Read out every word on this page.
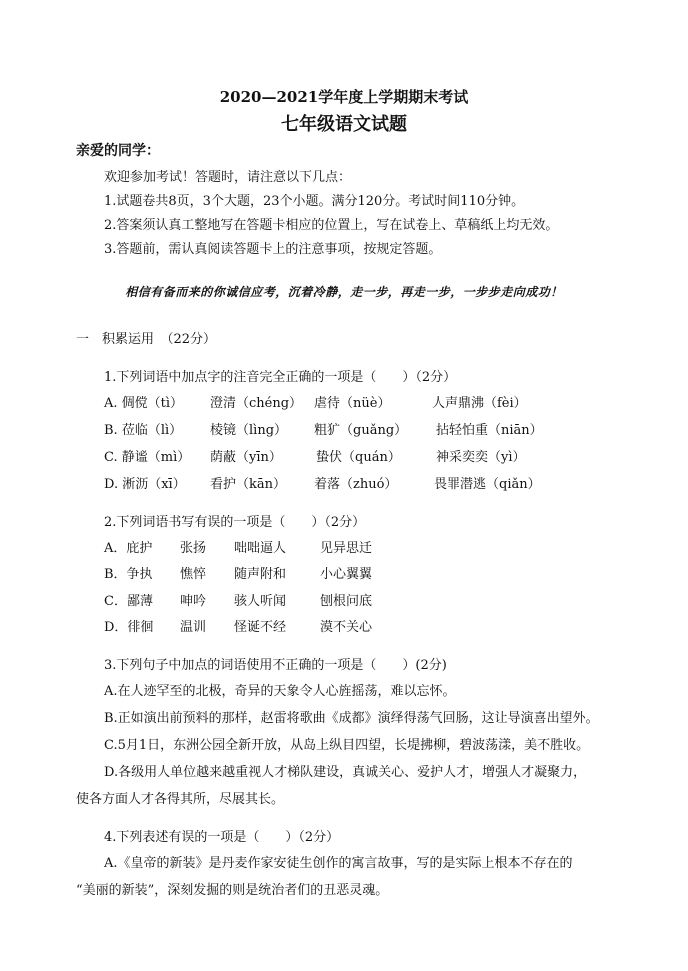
2020—2021学年度上学期期末考试
七年级语文试题
亲爱的同学：
欢迎参加考试！答题时，请注意以下几点：
1.试题卷共8页，3个大题，23个小题。满分120分。考试时间110分钟。
2.答案须认真工整地写在答题卡相应的位置上，写在试卷上、草稿纸上均无效。
3.答题前，需认真阅读答题卡上的注意事项，按规定答题。
相信有备而来的你诚信应考，沉着冷静，走一步，再走一步，一步步走向成功！
一　积累运用　（22分）
1.下列词语中加点字的注音完全正确的一项是（　　）（2分）
A. 倜傥（tì） 澄清（chéng） 虐待（nüè）	人声鼎沸（fèi）
B. 莅临（lì） 棱镜（lìng） 粗犷（guǎng） 拈轻怕重（niān）
C. 静谧（mì） 荫蔽（yīn）	蛰伏（quán）	神采奕奕（yì）
D. 淅沥（xī） 看护（kān） 着落（zhuó）	畏罪潜逃（qiǎn）
2.下列词语书写有误的一项是（　　）（2分）
A．庇护 张扬 咄咄逼人	见异思迁
B．争执 憔悴 随声附和	小心翼翼
C．鄙薄 呻吟 骇人听闻	刨根问底
D．徘徊 温训 怪诞不经	漠不关心
3.下列句子中加点的词语使用不正确的一项是（　　）(2分)
A.在人迹罕至的北极，奇异的天象令人心旌摇荡，难以忘怀。
B.正如演出前预料的那样，赵雷将歌曲《成都》演绎得荡气回肠，这让导演喜出望外。
C.5月1日，东洲公园全新开放，从岛上纵目四望，长堤拂柳，碧波荡漾，美不胜收。
D.各级用人单位越来越重视人才梯队建设，真诚关心、爱护人才，增强人才凝聚力，
使各方面人才各得其所，尽展其长。
4.下列表述有误的一项是（　　）（2分）
A.《皇帝的新装》是丹麦作家安徒生创作的寓言故事，写的是实际上根本不存在的
“美丽的新装”，深刻发掘的则是统治者们的丑恶灵魂。
